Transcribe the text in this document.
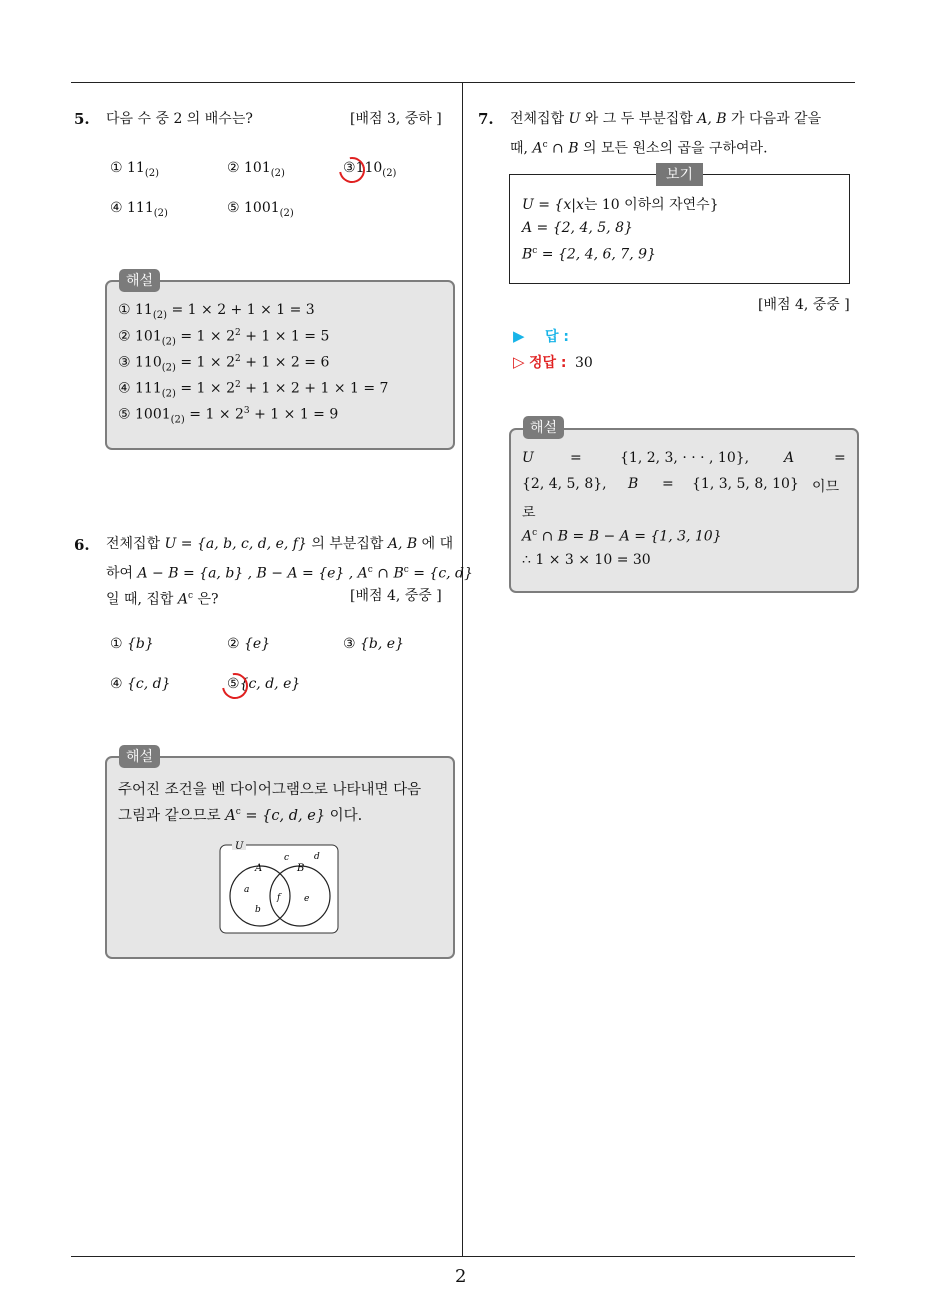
2
5. 다음 수 중 2 의 배수는?	[배점 3, 중하 ]
① $11_{(2)}$	② $101_{(2)}$	$③110_{(2)}$
④ $111_{(2)}$	⑤ $1001_{(2)}$
해설
① $11_{(2)} = 1 \times 2 + 1 \times 1 = 3$
② $101_{(2)} = 1 \times 2^2 + 1 \times 1 = 5$
③ $110_{(2)} = 1 \times 2^2 + 1 \times 2 = 6$
④ $111_{(2)} = 1 \times 2^2 + 1 \times 2 + 1 \times 1 = 7$
⑤ $1001_{(2)} = 1 \times 2^3 + 1 \times 1 = 9$
6. 전체집합 U = {a, b, c, d, e, f} 의 부분집합 A, B 에 대
하여 A − B = {a, b} , B − A = {e} , $A^c$ ∩ $B^c = \{c$, d}
일 때, 집합 $A^c$ 은?	[배점 4, 중중 ]
① {b}	② {e}	③ {b, e}
④ {c, d}	⑤{c, d, e}
해설
주어진 조건을 벤 다이어그램으로 나타내면 다음
그림과 같으므로 $A^c = \{c$, d, e} 이다.
U
A	B
c	d
a
b
f	e
7. 전체집합 U 와 그 두 부분집합 A, B 가 다음과 같을
때, $A^c$ ∩ B 의 모든 원소의 곱을 구하여라.
보기
U = {x|x는 10 이하의 자연수}
A = {2, 4, 5, 8}
$B^c = \{2$, 4, 6, 7, 9}
[배점 4, 중중 ]
▶ 답 :
▷ 정답 : 30
해설
U	=	{1, 2, 3, · · · , 10}, A	=
{2, 4, 5, 8}, B = {1, 3, 5, 8, 10} 이므
로
$A^c$ ∩ B = B − A = {1, 3, 10}
∴ 1 × 3 × 10 = 30
